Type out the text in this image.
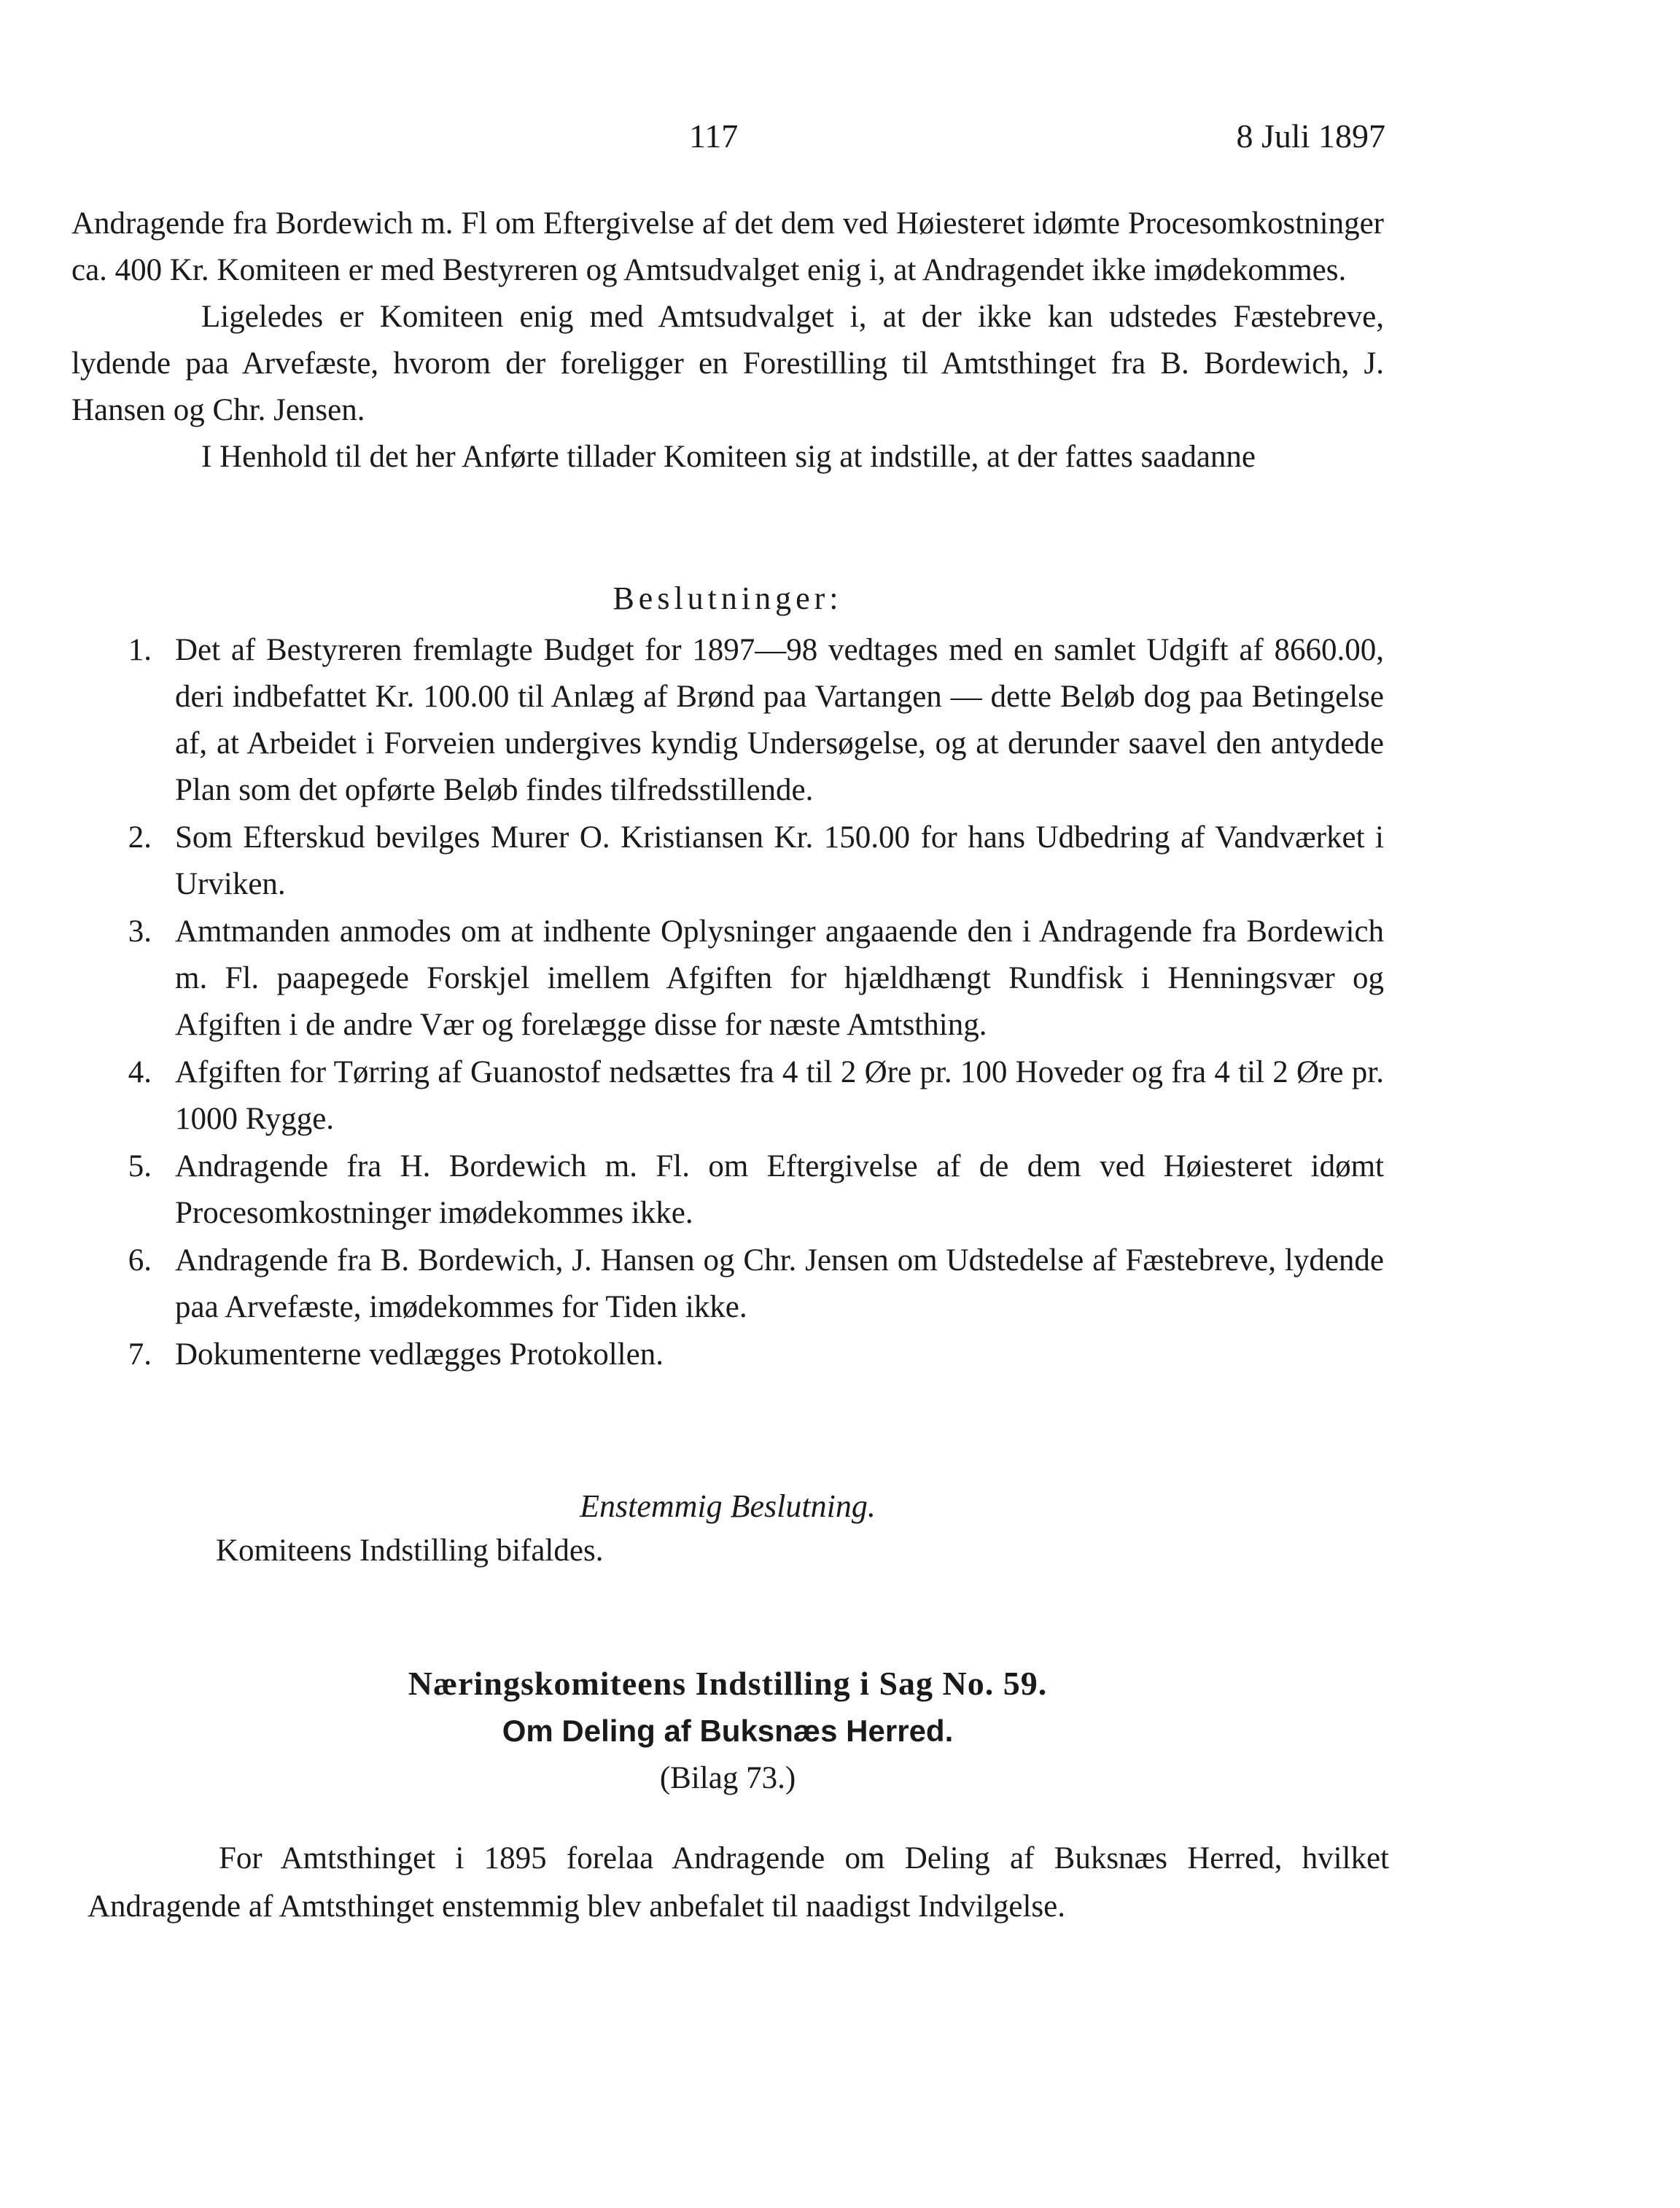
117	8 Juli 1897

Andragende fra Bordewich m. Fl om Eftergivelse af det dem ved Høiesteret idømte Procesomkostninger ca. 400 Kr. Komiteen er med Bestyreren og Amtsudvalget enig i, at Andragendet ikke imødekommes.

Ligeledes er Komiteen enig med Amtsudvalget i, at der ikke kan udstedes Fæstebreve, lydende paa Arvefæste, hvorom der foreligger en Forestilling til Amtsthinget fra B. Bordewich, J. Hansen og Chr. Jensen.

I Henhold til det her Anførte tillader Komiteen sig at indstille, at der fattes saadanne

Beslutninger:
1. Det af Bestyreren fremlagte Budget for 1897—98 vedtages med en samlet Udgift af 8660.00, deri indbefattet Kr. 100.00 til Anlæg af Brønd paa Vartangen — dette Beløb dog paa Betingelse af, at Arbeidet i Forveien undergives kyndig Undersøgelse, og at derunder saavel den antydede Plan som det opførte Beløb findes tilfredsstillende.
2. Som Efterskud bevilges Murer O. Kristiansen Kr. 150.00 for hans Udbedring af Vandværket i Urviken.
3. Amtmanden anmodes om at indhente Oplysninger angaaende den i Andragende fra Bordewich m. Fl. paapegede Forskjel imellem Afgiften for hjældhængt Rundfisk i Henningsvær og Afgiften i de andre Vær og forelægge disse for næste Amtsthing.
4. Afgiften for Tørring af Guanostof nedsættes fra 4 til 2 Øre pr. 100 Hoveder og fra 4 til 2 Øre pr. 1000 Rygge.
5. Andragende fra H. Bordewich m. Fl. om Eftergivelse af de dem ved Høiesteret idømt Procesomkostninger imødekommes ikke.
6. Andragende fra B. Bordewich, J. Hansen og Chr. Jensen om Udstedelse af Fæstebreve, lydende paa Arvefæste, imødekommes for Tiden ikke.
7. Dokumenterne vedlægges Protokollen.
Enstemmig Beslutning.
Komiteens Indstilling bifaldes.
Næringskomiteens Indstilling i Sag No. 59.
Om Deling af Buksnæs Herred.
(Bilag 73.)

For Amtsthinget i 1895 forelaa Andragende om Deling af Buksnæs Herred, hvilket Andragende af Amtsthinget enstemmig blev anbefalet til naadigst Indvilgelse.
